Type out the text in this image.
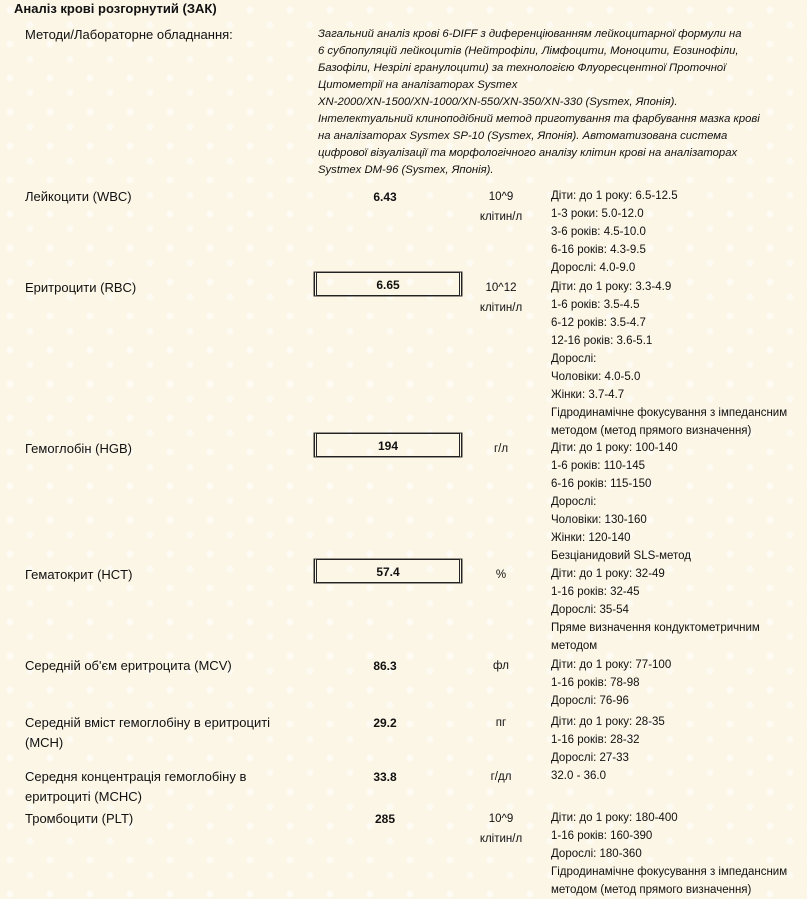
Аналіз крові розгорнутий (ЗАК)
Методи/Лабораторне обладнання:	Загальний аналіз крові 6-DIFF з диференціюванням лейкоцитарної формули на
6 субпопуляцій лейкоцитів (Нейтрофіли, Лімфоцити, Моноцити, Еозинофіли,
Базофіли, Незрілі гранулоцити) за технологією Флуоресцентної Проточної
Цитометрії на аналізаторах Sysmex
XN-2000/XN-1500/XN-1000/XN-550/XN-350/XN-330 (Sysmex, Японія).
Інтелектуальний клиноподібний метод приготування та фарбування мазка крові
на аналізаторах Sysmex SP-10 (Sysmex, Японія). Автоматизована система
цифрової візуалізації та морфологічного аналізу клітин крові на аналізаторах
Systmex DM-96 (Sysmex, Японія).
Лейкоцити (WBC)	6.43	10^9
клітин/л
Діти: до 1 року: 6.5-12.5
1-3 роки: 5.0-12.0
3-6 років: 4.5-10.0
6-16 років: 4.3-9.5
Дорослі: 4.0-9.0
Еритроцити (RBC)	6.65	10^12
клітин/л
Діти: до 1 року: 3.3-4.9
1-6 років: 3.5-4.5
6-12 років: 3.5-4.7
12-16 років: 3.6-5.1
Дорослі:
Чоловіки: 4.0-5.0
Жінки: 3.7-4.7
Гідродинамічне фокусування з імпедансним
методом (метод прямого визначення)
Гемоглобін (HGB)	194	г/л	Діти: до 1 року: 100-140
1-6 років: 110-145
6-16 років: 115-150
Дорослі:
Чоловіки: 130-160
Жінки: 120-140
Безціанидовий SLS-метод
Гематокрит (HCT)	57.4	%	Діти: до 1 року: 32-49
1-16 років: 32-45
Дорослі: 35-54
Пряме визначення кондуктометричним
методом
Середній об'єм еритроцита (MCV)	86.3	фл	Діти: до 1 року: 77-100
1-16 років: 78-98
Дорослі: 76-96
Середній вміст гемоглобіну в еритроциті (MCH)
29.2	пг	Діти: до 1 року: 28-35
1-16 років: 28-32
Дорослі: 27-33
Середня концентрація гемоглобіну в еритроциті (MCHC)
33.8	г/дл	32.0 - 36.0
Тромбоцити (PLT)	285	10^9
клітин/л
Діти: до 1 року: 180-400
1-16 років: 160-390
Дорослі: 180-360
Гідродинамічне фокусування з імпедансним
методом (метод прямого визначення)
